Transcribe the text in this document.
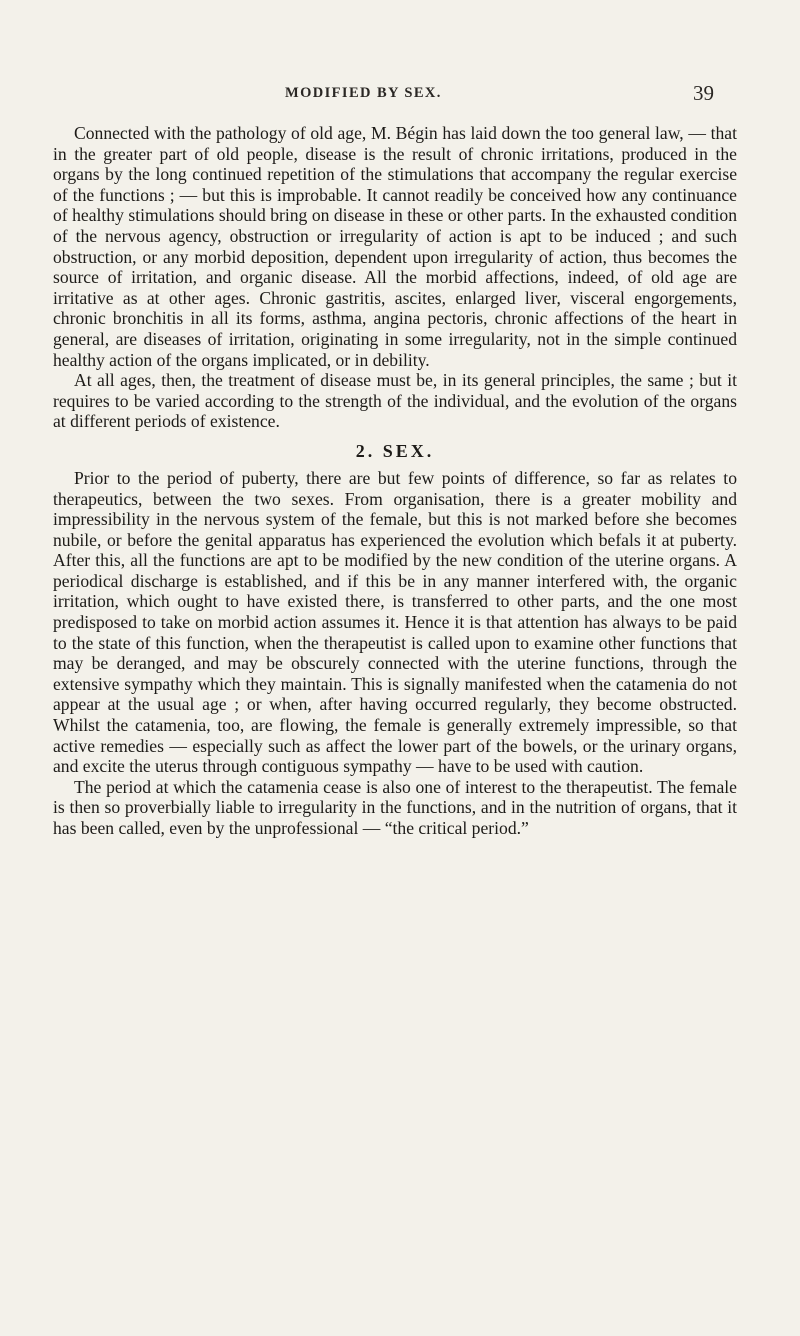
MODIFIED BY SEX.	39

Connected with the pathology of old age, M. Bégin has laid down the too general law, — that in the greater part of old people, disease is the result of chronic irritations, produced in the organs by the long continued repetition of the stimulations that accompany the regular exercise of the functions ; — but this is improbable. It cannot readily be conceived how any continuance of healthy stimulations should bring on disease in these or other parts. In the exhausted condition of the nervous agency, obstruction or irregularity of action is apt to be induced ; and such obstruction, or any morbid deposition, dependent upon irregularity of action, thus becomes the source of irritation, and organic disease. All the morbid affections, indeed, of old age are irritative as at other ages. Chronic gastritis, ascites, enlarged liver, visceral engorgements, chronic bronchitis in all its forms, asthma, angina pectoris, chronic affections of the heart in general, are diseases of irritation, originating in some irregularity, not in the simple continued healthy action of the organs implicated, or in debility.

At all ages, then, the treatment of disease must be, in its general principles, the same ; but it requires to be varied according to the strength of the individual, and the evolution of the organs at different periods of existence.

2. SEX.

Prior to the period of puberty, there are but few points of difference, so far as relates to therapeutics, between the two sexes. From organisation, there is a greater mobility and impressibility in the nervous system of the female, but this is not marked before she becomes nubile, or before the genital apparatus has experienced the evolution which befals it at puberty. After this, all the functions are apt to be modified by the new condition of the uterine organs. A periodical discharge is established, and if this be in any manner interfered with, the organic irritation, which ought to have existed there, is transferred to other parts, and the one most predisposed to take on morbid action assumes it. Hence it is that attention has always to be paid to the state of this function, when the therapeutist is called upon to examine other functions that may be deranged, and may be obscurely connected with the uterine functions, through the extensive sympathy which they maintain. This is signally manifested when the catamenia do not appear at the usual age ; or when, after having occurred regularly, they become obstructed. Whilst the catamenia, too, are flowing, the female is generally extremely impressible, so that active remedies — especially such as affect the lower part of the bowels, or the urinary organs, and excite the uterus through contiguous sympathy — have to be used with caution.

The period at which the catamenia cease is also one of interest to the therapeutist. The female is then so proverbially liable to irregularity in the functions, and in the nutrition of organs, that it has been called, even by the unprofessional — “the critical period.”
